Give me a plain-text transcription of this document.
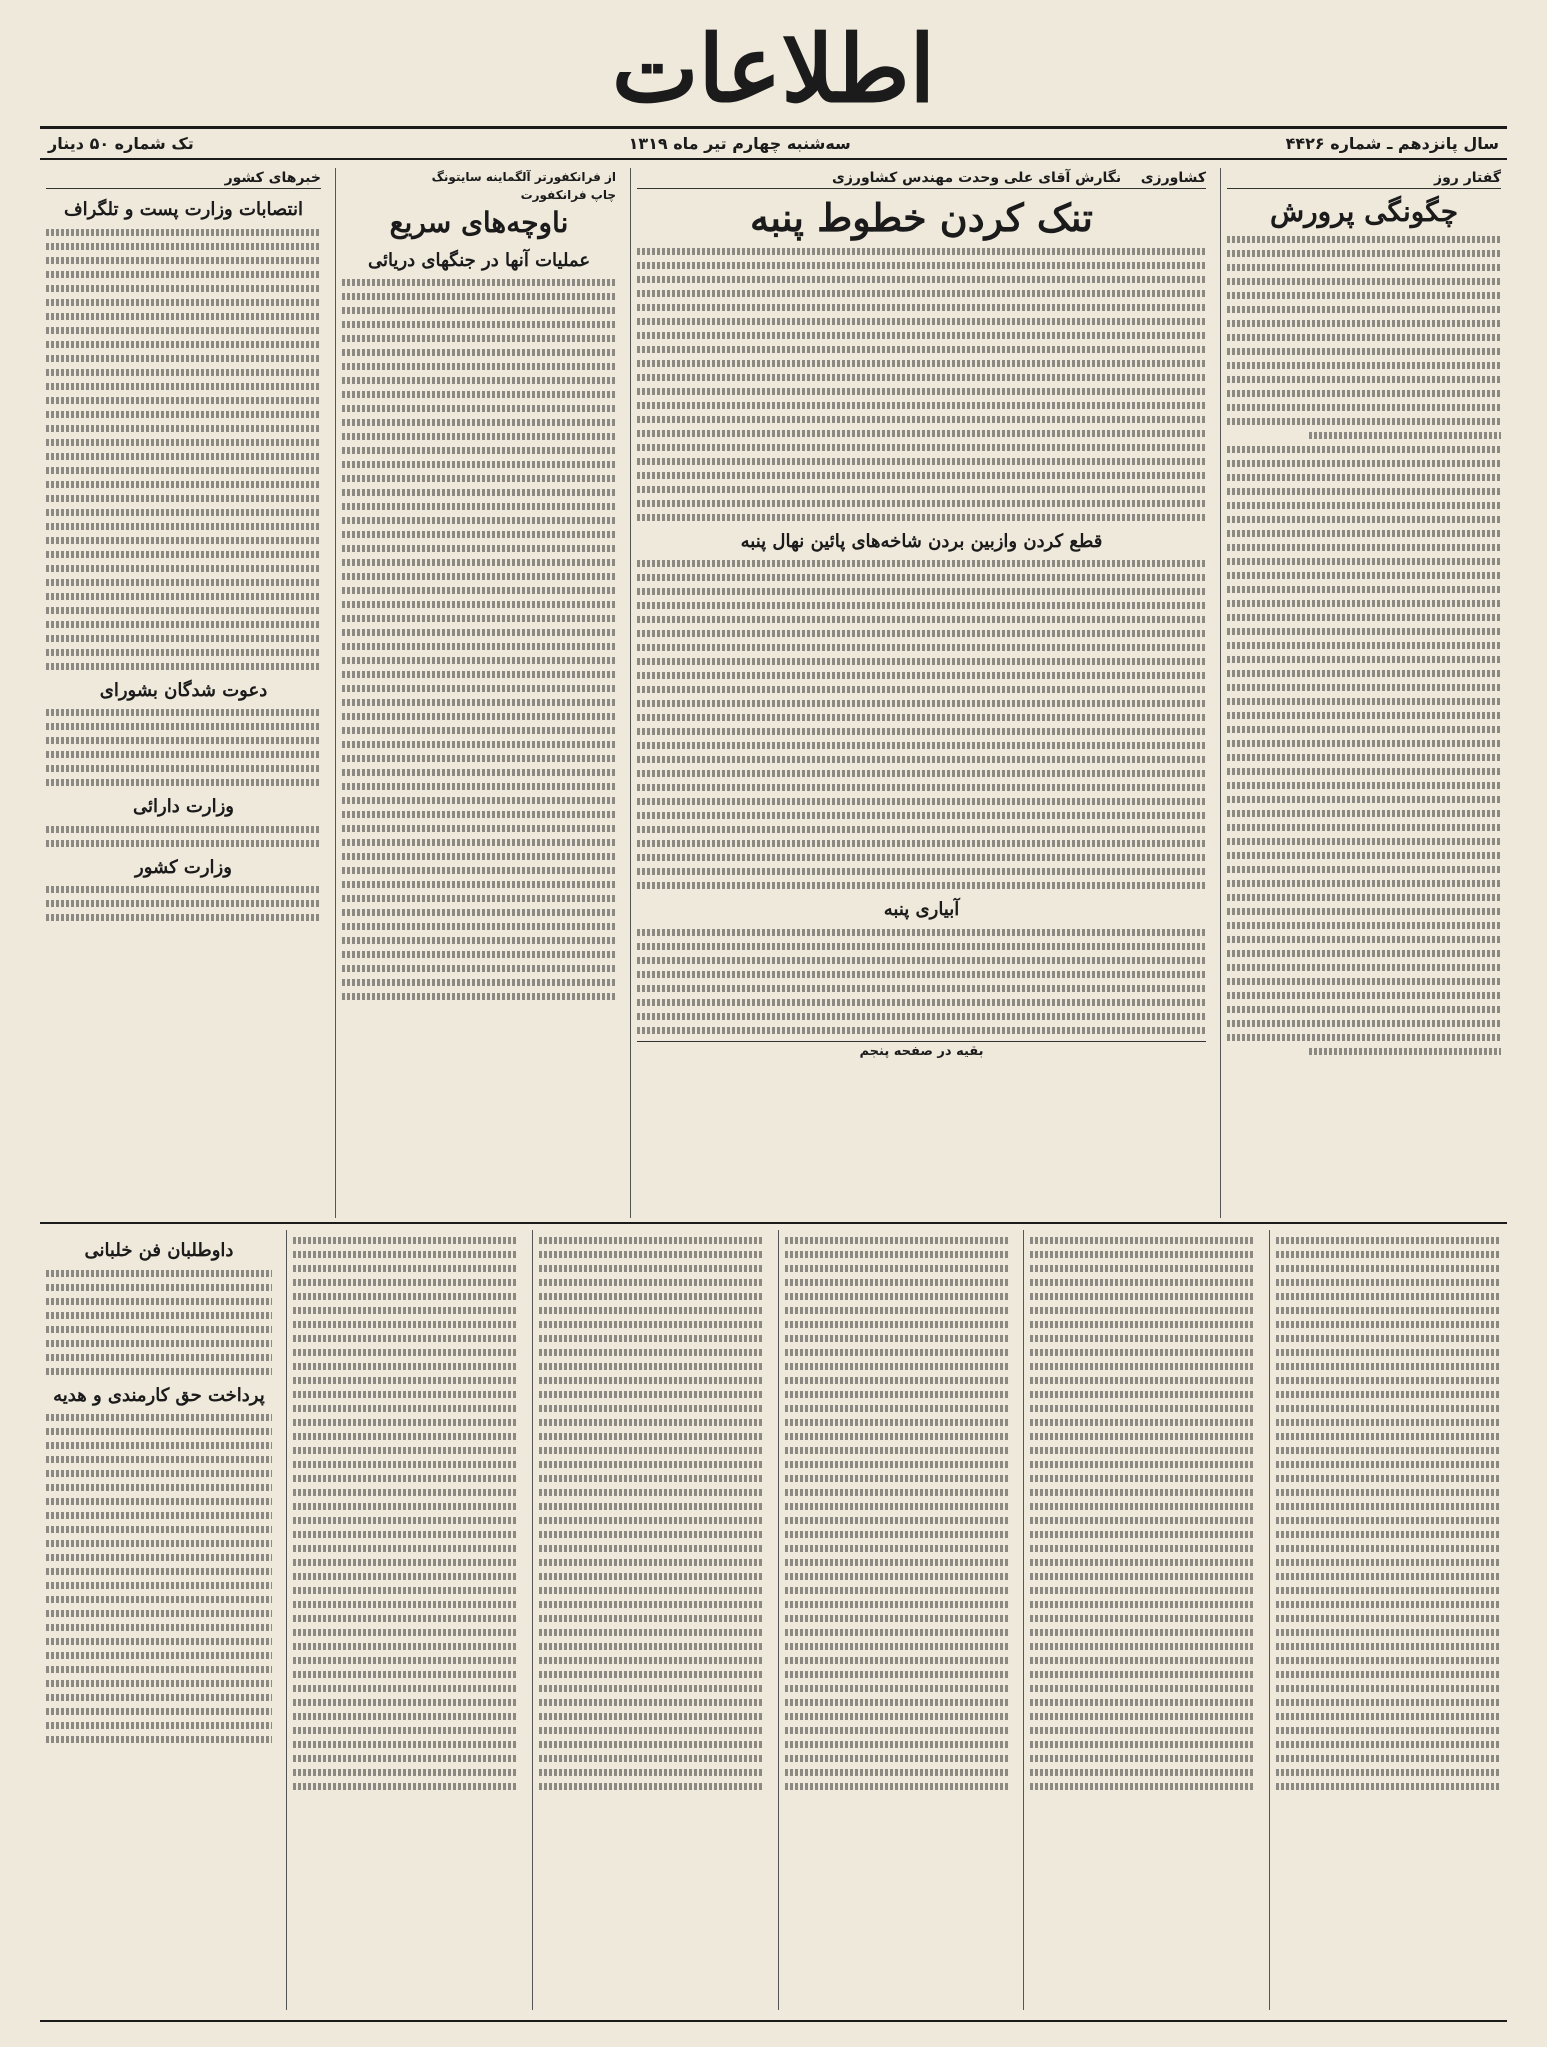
اطلاعات
سال پانزدهم ـ شماره ۴۴۲۶
سه‌شنبه چهارم تیر ماه ۱۳۱۹
تک شماره ۵۰ دینار
گفتار روز
چگونگی پرورش
کشاورزی    نگارش آقای علی وحدت مهندس کشاورزی
تنک کردن خطوط پنبه
قطع کردن وازبین بردن شاخه‌های پائین نهال پنبه
آبیاری پنبه
بقیه در صفحه پنجم
از فرانکفورتر آلگماینه سایتونگ
چاپ فرانکفورت
ناوچه‌های سریع
عملیات آنها در جنگهای دریائی
خبرهای کشور
انتصابات وزارت پست و تلگراف
دعوت شدگان بشورای
وزارت دارائی
وزارت کشور
داوطلبان فن خلبانی
پرداخت حق کارمندی و هدیه
